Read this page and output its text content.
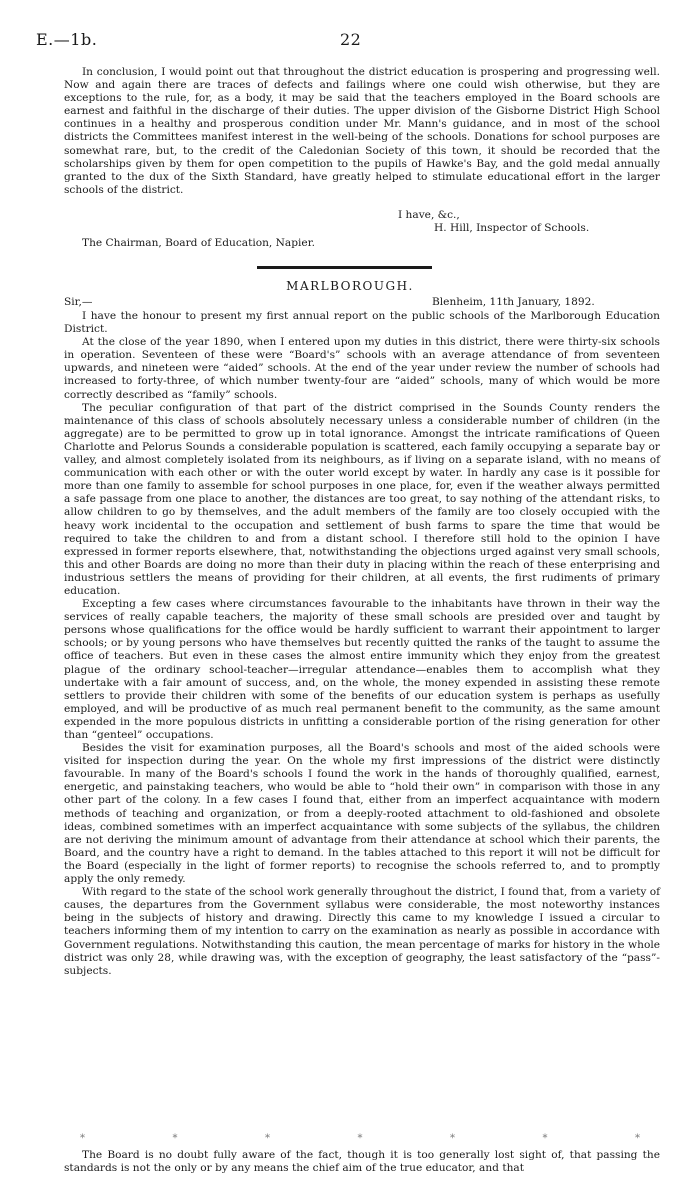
E.—1b.	22

In conclusion, I would point out that throughout the district education is prospering and progressing well. Now and again there are traces of defects and failings where one could wish otherwise, but they are exceptions to the rule, for, as a body, it may be said that the teachers employed in the Board schools are earnest and faithful in the discharge of their duties. The upper division of the Gisborne District High School continues in a healthy and prosperous condition under Mr. Mann's guidance, and in most of the school districts the Committees manifest interest in the well-being of the schools. Donations for school purposes are somewhat rare, but, to the credit of the Caledonian Society of this town, it should be recorded that the scholarships given by them for open competition to the pupils of Hawke's Bay, and the gold medal annually granted to the dux of the Sixth Standard, have greatly helped to stimulate educational effort in the larger schools of the district.

I have, &c.,
H. Hill, Inspector of Schools.
The Chairman, Board of Education, Napier.
MARLBOROUGH.
Sir,—	Blenheim, 11th January, 1892.

I have the honour to present my first annual report on the public schools of the Marlborough Education District.

At the close of the year 1890, when I entered upon my duties in this district, there were thirty-six schools in operation. Seventeen of these were “Board's” schools with an average attendance of from seventeen upwards, and nineteen were “aided” schools. At the end of the year under review the number of schools had increased to forty-three, of which number twenty-four are “aided” schools, many of which would be more correctly described as “family” schools.

The peculiar configuration of that part of the district comprised in the Sounds County renders the maintenance of this class of schools absolutely necessary unless a considerable number of children (in the aggregate) are to be permitted to grow up in total ignorance. Amongst the intricate ramifications of Queen Charlotte and Pelorus Sounds a considerable population is scattered, each family occupying a separate bay or valley, and almost completely isolated from its neighbours, as if living on a separate island, with no means of communication with each other or with the outer world except by water. In hardly any case is it possible for more than one family to assemble for school purposes in one place, for, even if the weather always permitted a safe passage from one place to another, the distances are too great, to say nothing of the attendant risks, to allow children to go by themselves, and the adult members of the family are too closely occupied with the heavy work incidental to the occupation and settlement of bush farms to spare the time that would be required to take the children to and from a distant school. I therefore still hold to the opinion I have expressed in former reports elsewhere, that, notwithstanding the objections urged against very small schools, this and other Boards are doing no more than their duty in placing within the reach of these enterprising and industrious settlers the means of providing for their children, at all events, the first rudiments of primary education.

Excepting a few cases where circumstances favourable to the inhabitants have thrown in their way the services of really capable teachers, the majority of these small schools are presided over and taught by persons whose qualifications for the office would be hardly sufficient to warrant their appointment to larger schools; or by young persons who have themselves but recently quitted the ranks of the taught to assume the office of teachers. But even in these cases the almost entire immunity which they enjoy from the greatest plague of the ordinary school-teacher—irregular attendance—enables them to accomplish what they undertake with a fair amount of success, and, on the whole, the money expended in assisting these remote settlers to provide their children with some of the benefits of our education system is perhaps as usefully employed, and will be productive of as much real permanent benefit to the community, as the same amount expended in the more populous districts in unfitting a considerable portion of the rising generation for other than “genteel” occupations.

Besides the visit for examination purposes, all the Board's schools and most of the aided schools were visited for inspection during the year. On the whole my first impressions of the district were distinctly favourable. In many of the Board's schools I found the work in the hands of thoroughly qualified, earnest, energetic, and painstaking teachers, who would be able to “hold their own” in comparison with those in any other part of the colony. In a few cases I found that, either from an imperfect acquaintance with modern methods of teaching and organization, or from a deeply-rooted attachment to old-fashioned and obsolete ideas, combined sometimes with an imperfect acquaintance with some subjects of the syllabus, the children are not deriving the minimum amount of advantage from their attendance at school which their parents, the Board, and the country have a right to demand. In the tables attached to this report it will not be difficult for the Board (especially in the light of former reports) to recognise the schools referred to, and to promptly apply the only remedy.

With regard to the state of the school work generally throughout the district, I found that, from a variety of causes, the departures from the Government syllabus were considerable, the most noteworthy instances being in the subjects of history and drawing. Directly this came to my knowledge I issued a circular to teachers informing them of my intention to carry on the examination as nearly as possible in accordance with Government regulations. Notwithstanding this caution, the mean percentage of marks for history in the whole district was only 28, while drawing was, with the exception of geography, the least satisfactory of the “pass”-subjects.

*	*	*	*	*	*	*

The Board is no doubt fully aware of the fact, though it is too generally lost sight of, that passing the standards is not the only or by any means the chief aim of the true educator, and that
